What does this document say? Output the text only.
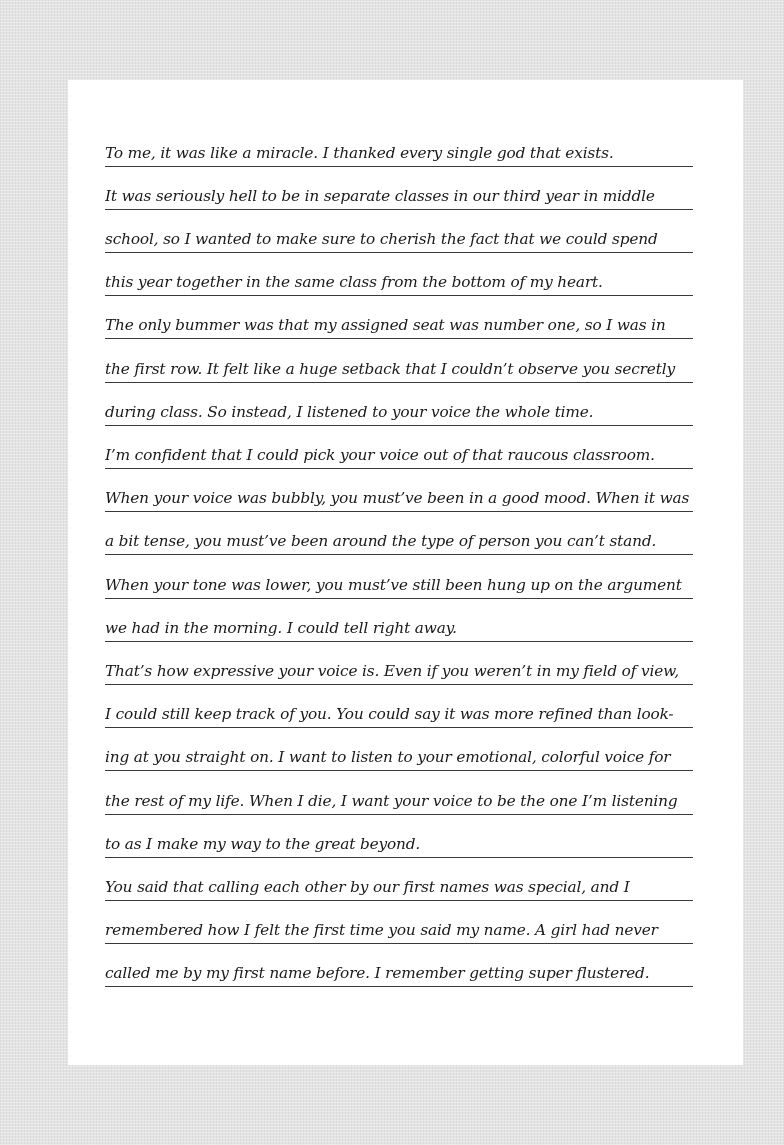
To me, it was like a miracle. I thanked every single god that exists.
It was seriously hell to be in separate classes in our third year in middle
school, so I wanted to make sure to cherish the fact that we could spend
this year together in the same class from the bottom of my heart.
The only bummer was that my assigned seat was number one, so I was in
the first row. It felt like a huge setback that I couldn’t observe you secretly
during class. So instead, I listened to your voice the whole time.
I’m confident that I could pick your voice out of that raucous classroom.
When your voice was bubbly, you must’ve been in a good mood. When it was
a bit tense, you must’ve been around the type of person you can’t stand.
When your tone was lower, you must’ve still been hung up on the argument
we had in the morning. I could tell right away.
That’s how expressive your voice is. Even if you weren’t in my field of view,
I could still keep track of you. You could say it was more refined than look-
ing at you straight on. I want to listen to your emotional, colorful voice for
the rest of my life. When I die, I want your voice to be the one I’m listening
to as I make my way to the great beyond.
You said that calling each other by our first names was special, and I
remembered how I felt the first time you said my name. A girl had never
called me by my first name before. I remember getting super flustered.
